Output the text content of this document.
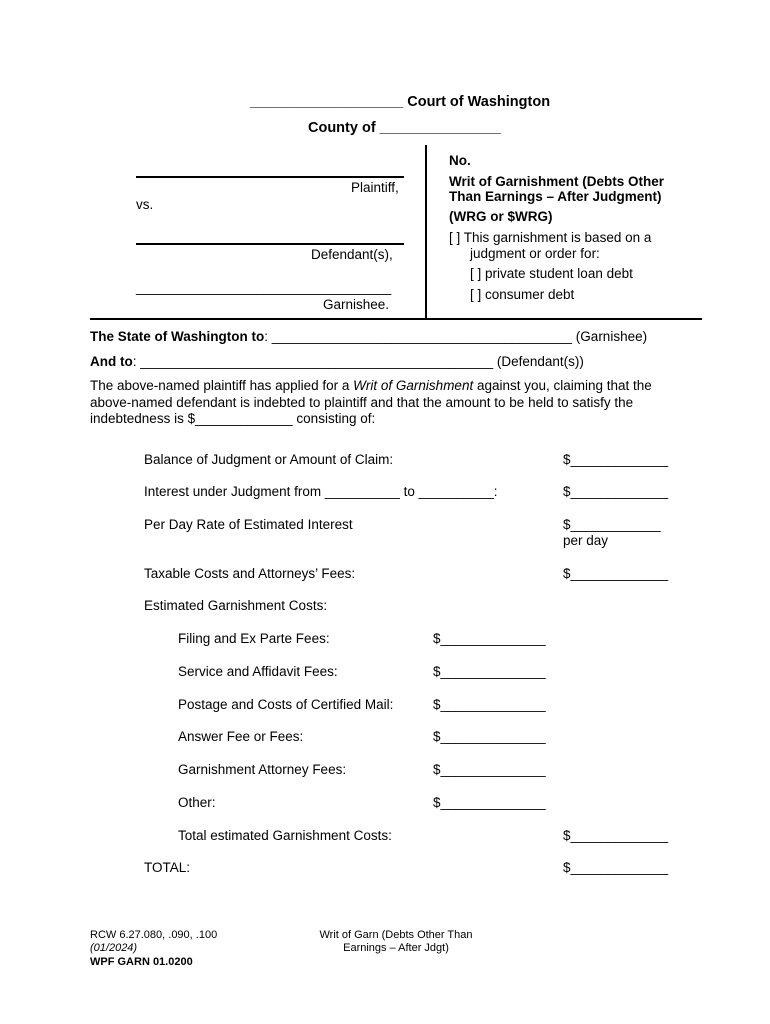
___________________ Court of Washington
County of _______________
Plaintiff,
vs.
Defendant(s),
__________________________________
Garnishee.
No.
Writ of Garnishment (Debts Other
Than Earnings – After Judgment)
(WRG or $WRG)
[ ] This garnishment is based on a
judgment or order for:
[ ] private student loan debt
[ ] consumer debt
The State of Washington to: ________________________________________ (Garnishee)
And to: _______________________________________________ (Defendant(s))
The above-named plaintiff has applied for a Writ of Garnishment against you, claiming that the above-named defendant is indebted to plaintiff and that the amount to be held to satisfy the indebtedness is $_____________ consisting of:
Balance of Judgment or Amount of Claim:	$_____________
Interest under Judgment from __________ to __________:	$_____________
Per Day Rate of Estimated Interest	$____________
per day
Taxable Costs and Attorneys’ Fees:	$_____________
Estimated Garnishment Costs:
Filing and Ex Parte Fees:	$______________
Service and Affidavit Fees:	$______________
Postage and Costs of Certified Mail:	$______________
Answer Fee or Fees:	$______________
Garnishment Attorney Fees:	$______________
Other:	$______________
Total estimated Garnishment Costs:	$_____________
TOTAL:	$_____________
RCW 6.27.080, .090, .100
(01/2024)
WPF GARN 01.0200
Writ of Garn (Debts Other Than
Earnings – After Jdgt)
